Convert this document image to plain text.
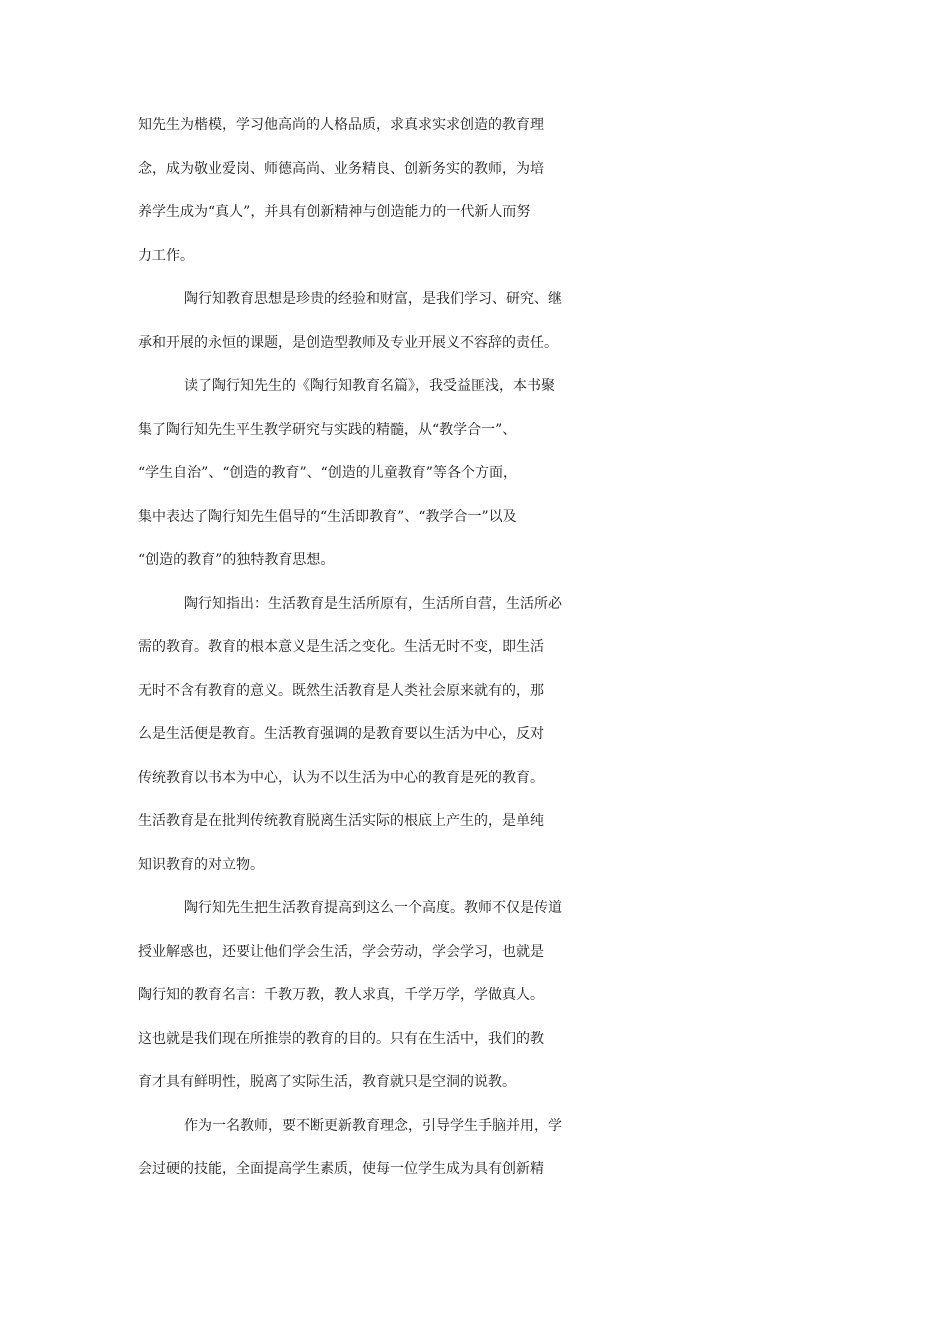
知先生为楷模，学习他高尚的人格品质，求真求实求创造的教育理
念，成为敬业爱岗、师德高尚、业务精良、创新务实的教师，为培
养学生成为“真人”，并具有创新精神与创造能力的一代新人而努
力工作。
陶行知教育思想是珍贵的经验和财富，是我们学习、研究、继
承和开展的永恒的课题，是创造型教师及专业开展义不容辞的责任。
读了陶行知先生的《陶行知教育名篇》，我受益匪浅，本书聚
集了陶行知先生平生教学研究与实践的精髓，从“教学合一”、
“学生自治”、“创造的教育”、“创造的儿童教育”等各个方面，
集中表达了陶行知先生倡导的“生活即教育”、“教学合一”以及
“创造的教育”的独特教育思想。
陶行知指出：生活教育是生活所原有，生活所自营，生活所必
需的教育。教育的根本意义是生活之变化。生活无时不变，即生活
无时不含有教育的意义。既然生活教育是人类社会原来就有的，那
么是生活便是教育。生活教育强调的是教育要以生活为中心，反对
传统教育以书本为中心，认为不以生活为中心的教育是死的教育。
生活教育是在批判传统教育脱离生活实际的根底上产生的，是单纯
知识教育的对立物。
陶行知先生把生活教育提高到这么一个高度。教师不仅是传道
授业解惑也，还要让他们学会生活，学会劳动，学会学习，也就是
陶行知的教育名言：千教万教，教人求真，千学万学，学做真人。
这也就是我们现在所推崇的教育的目的。只有在生活中，我们的教
育才具有鲜明性，脱离了实际生活，教育就只是空洞的说教。
作为一名教师，要不断更新教育理念，引导学生手脑并用，学
会过硬的技能，全面提高学生素质，使每一位学生成为具有创新精
